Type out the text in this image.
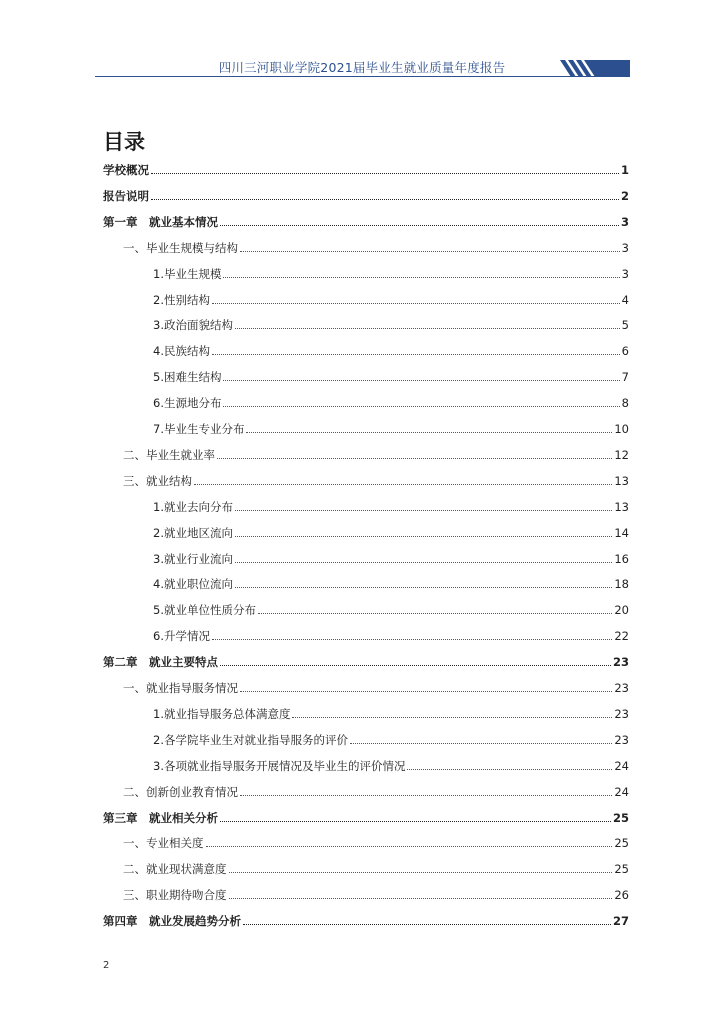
四川三河职业学院2021届毕业生就业质量年度报告
目录
学校概况	1
报告说明	2
第一章　就业基本情况	3
一、毕业生规模与结构	3
1.毕业生规模	3
2.性别结构	4
3.政治面貌结构	5
4.民族结构	6
5.困难生结构	7
6.生源地分布	8
7.毕业生专业分布	10
二、毕业生就业率	12
三、就业结构	13
1.就业去向分布	13
2.就业地区流向	14
3.就业行业流向	16
4.就业职位流向	18
5.就业单位性质分布	20
6.升学情况	22
第二章　就业主要特点	23
一、就业指导服务情况	23
1.就业指导服务总体满意度	23
2.各学院毕业生对就业指导服务的评价	23
3.各项就业指导服务开展情况及毕业生的评价情况	24
二、创新创业教育情况	24
第三章　就业相关分析	25
一、专业相关度	25
二、就业现状满意度	25
三、职业期待吻合度	26
第四章　就业发展趋势分析	27
2
